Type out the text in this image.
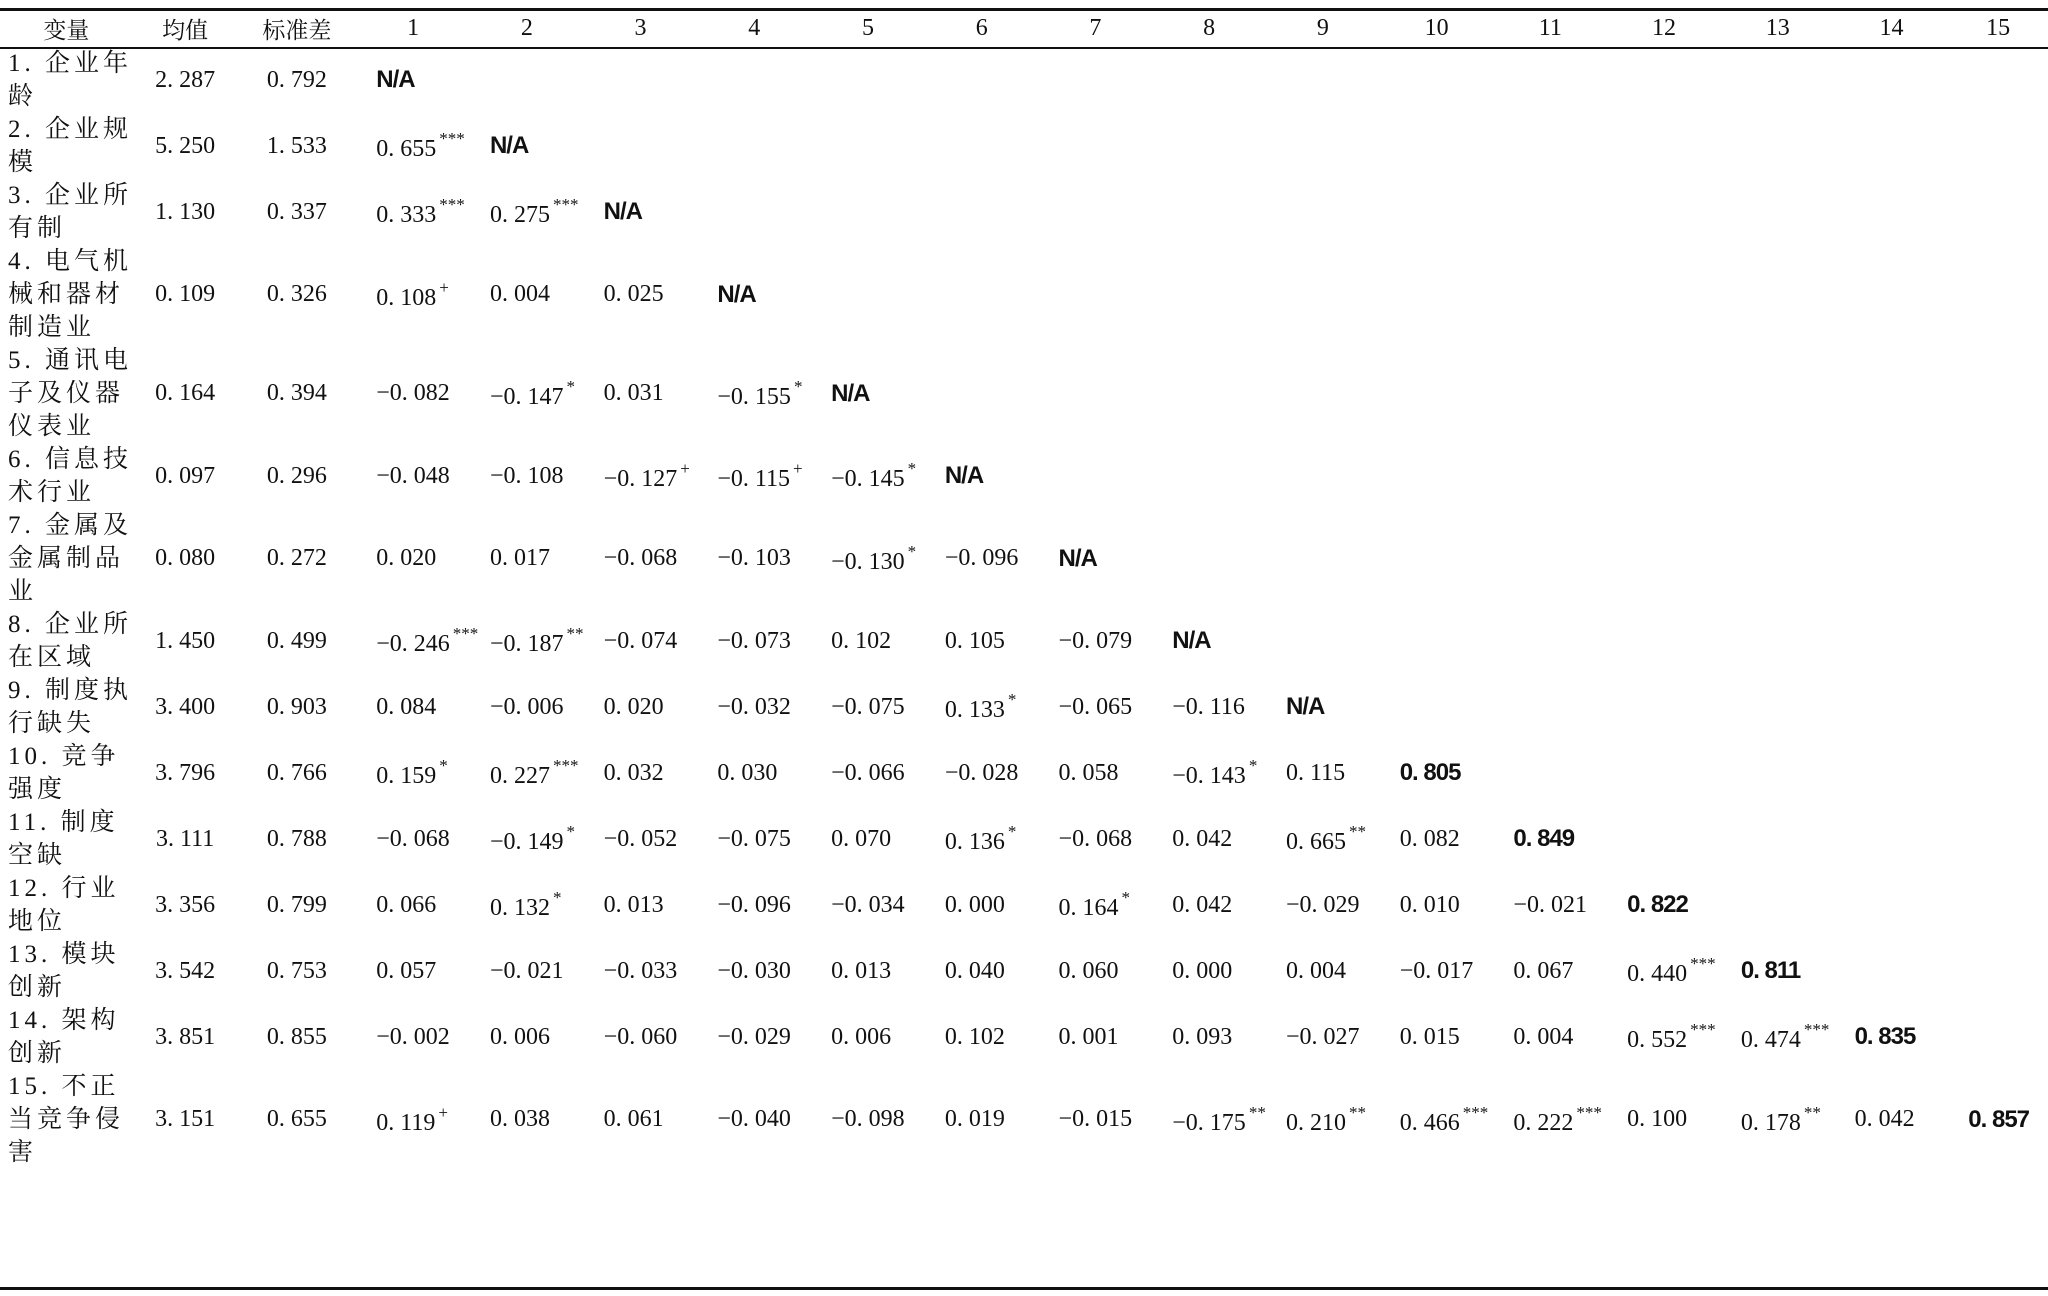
变量	均值	标准差	1	2	3	4	5	6	7	8	9	10	11	12	13	14	15
1. 企业年龄	2. 287	0. 792	N/A														
2. 企业规模	5. 250	1. 533	0. 655 ***	N/A													
3. 企业所有制	1. 130	0. 337	0. 333 ***	0. 275 ***	N/A												
4. 电气机械和器材制造业	0. 109	0. 326	0. 108 +	0. 004	0. 025	N/A											
5. 通讯电子及仪器仪表业	0. 164	0. 394	−0. 082	−0. 147 *	0. 031	−0. 155 *	N/A										
6. 信息技术行业	0. 097	0. 296	−0. 048	−0. 108	−0. 127 +	−0. 115 +	−0. 145 *	N/A									
7. 金属及金属制品业	0. 080	0. 272	0. 020	0. 017	−0. 068	−0. 103	−0. 130 *	−0. 096	N/A								
8. 企业所在区域	1. 450	0. 499	−0. 246 ***	−0. 187 **	−0. 074	−0. 073	0. 102	0. 105	−0. 079	N/A							
9. 制度执行缺失	3. 400	0. 903	0. 084	−0. 006	0. 020	−0. 032	−0. 075	0. 133 *	−0. 065	−0. 116	N/A						
10. 竞争强度	3. 796	0. 766	0. 159 *	0. 227 ***	0. 032	0. 030	−0. 066	−0. 028	0. 058	−0. 143 *	0. 115	0. 805					
11. 制度空缺	3. 111	0. 788	−0. 068	−0. 149 *	−0. 052	−0. 075	0. 070	0. 136 *	−0. 068	0. 042	0. 665 **	0. 082	0. 849				
12. 行业地位	3. 356	0. 799	0. 066	0. 132 *	0. 013	−0. 096	−0. 034	0. 000	0. 164 *	0. 042	−0. 029	0. 010	−0. 021	0. 822			
13. 模块创新	3. 542	0. 753	0. 057	−0. 021	−0. 033	−0. 030	0. 013	0. 040	0. 060	0. 000	0. 004	−0. 017	0. 067	0. 440 ***	0. 811		
14. 架构创新	3. 851	0. 855	−0. 002	0. 006	−0. 060	−0. 029	0. 006	0. 102	0. 001	0. 093	−0. 027	0. 015	0. 004	0. 552 ***	0. 474 ***	0. 835	
15. 不正当竞争侵害	3. 151	0. 655	0. 119 +	0. 038	0. 061	−0. 040	−0. 098	0. 019	−0. 015	−0. 175 **	0. 210 **	0. 466 ***	0. 222 ***	0. 100	0. 178 **	0. 042	0. 857
